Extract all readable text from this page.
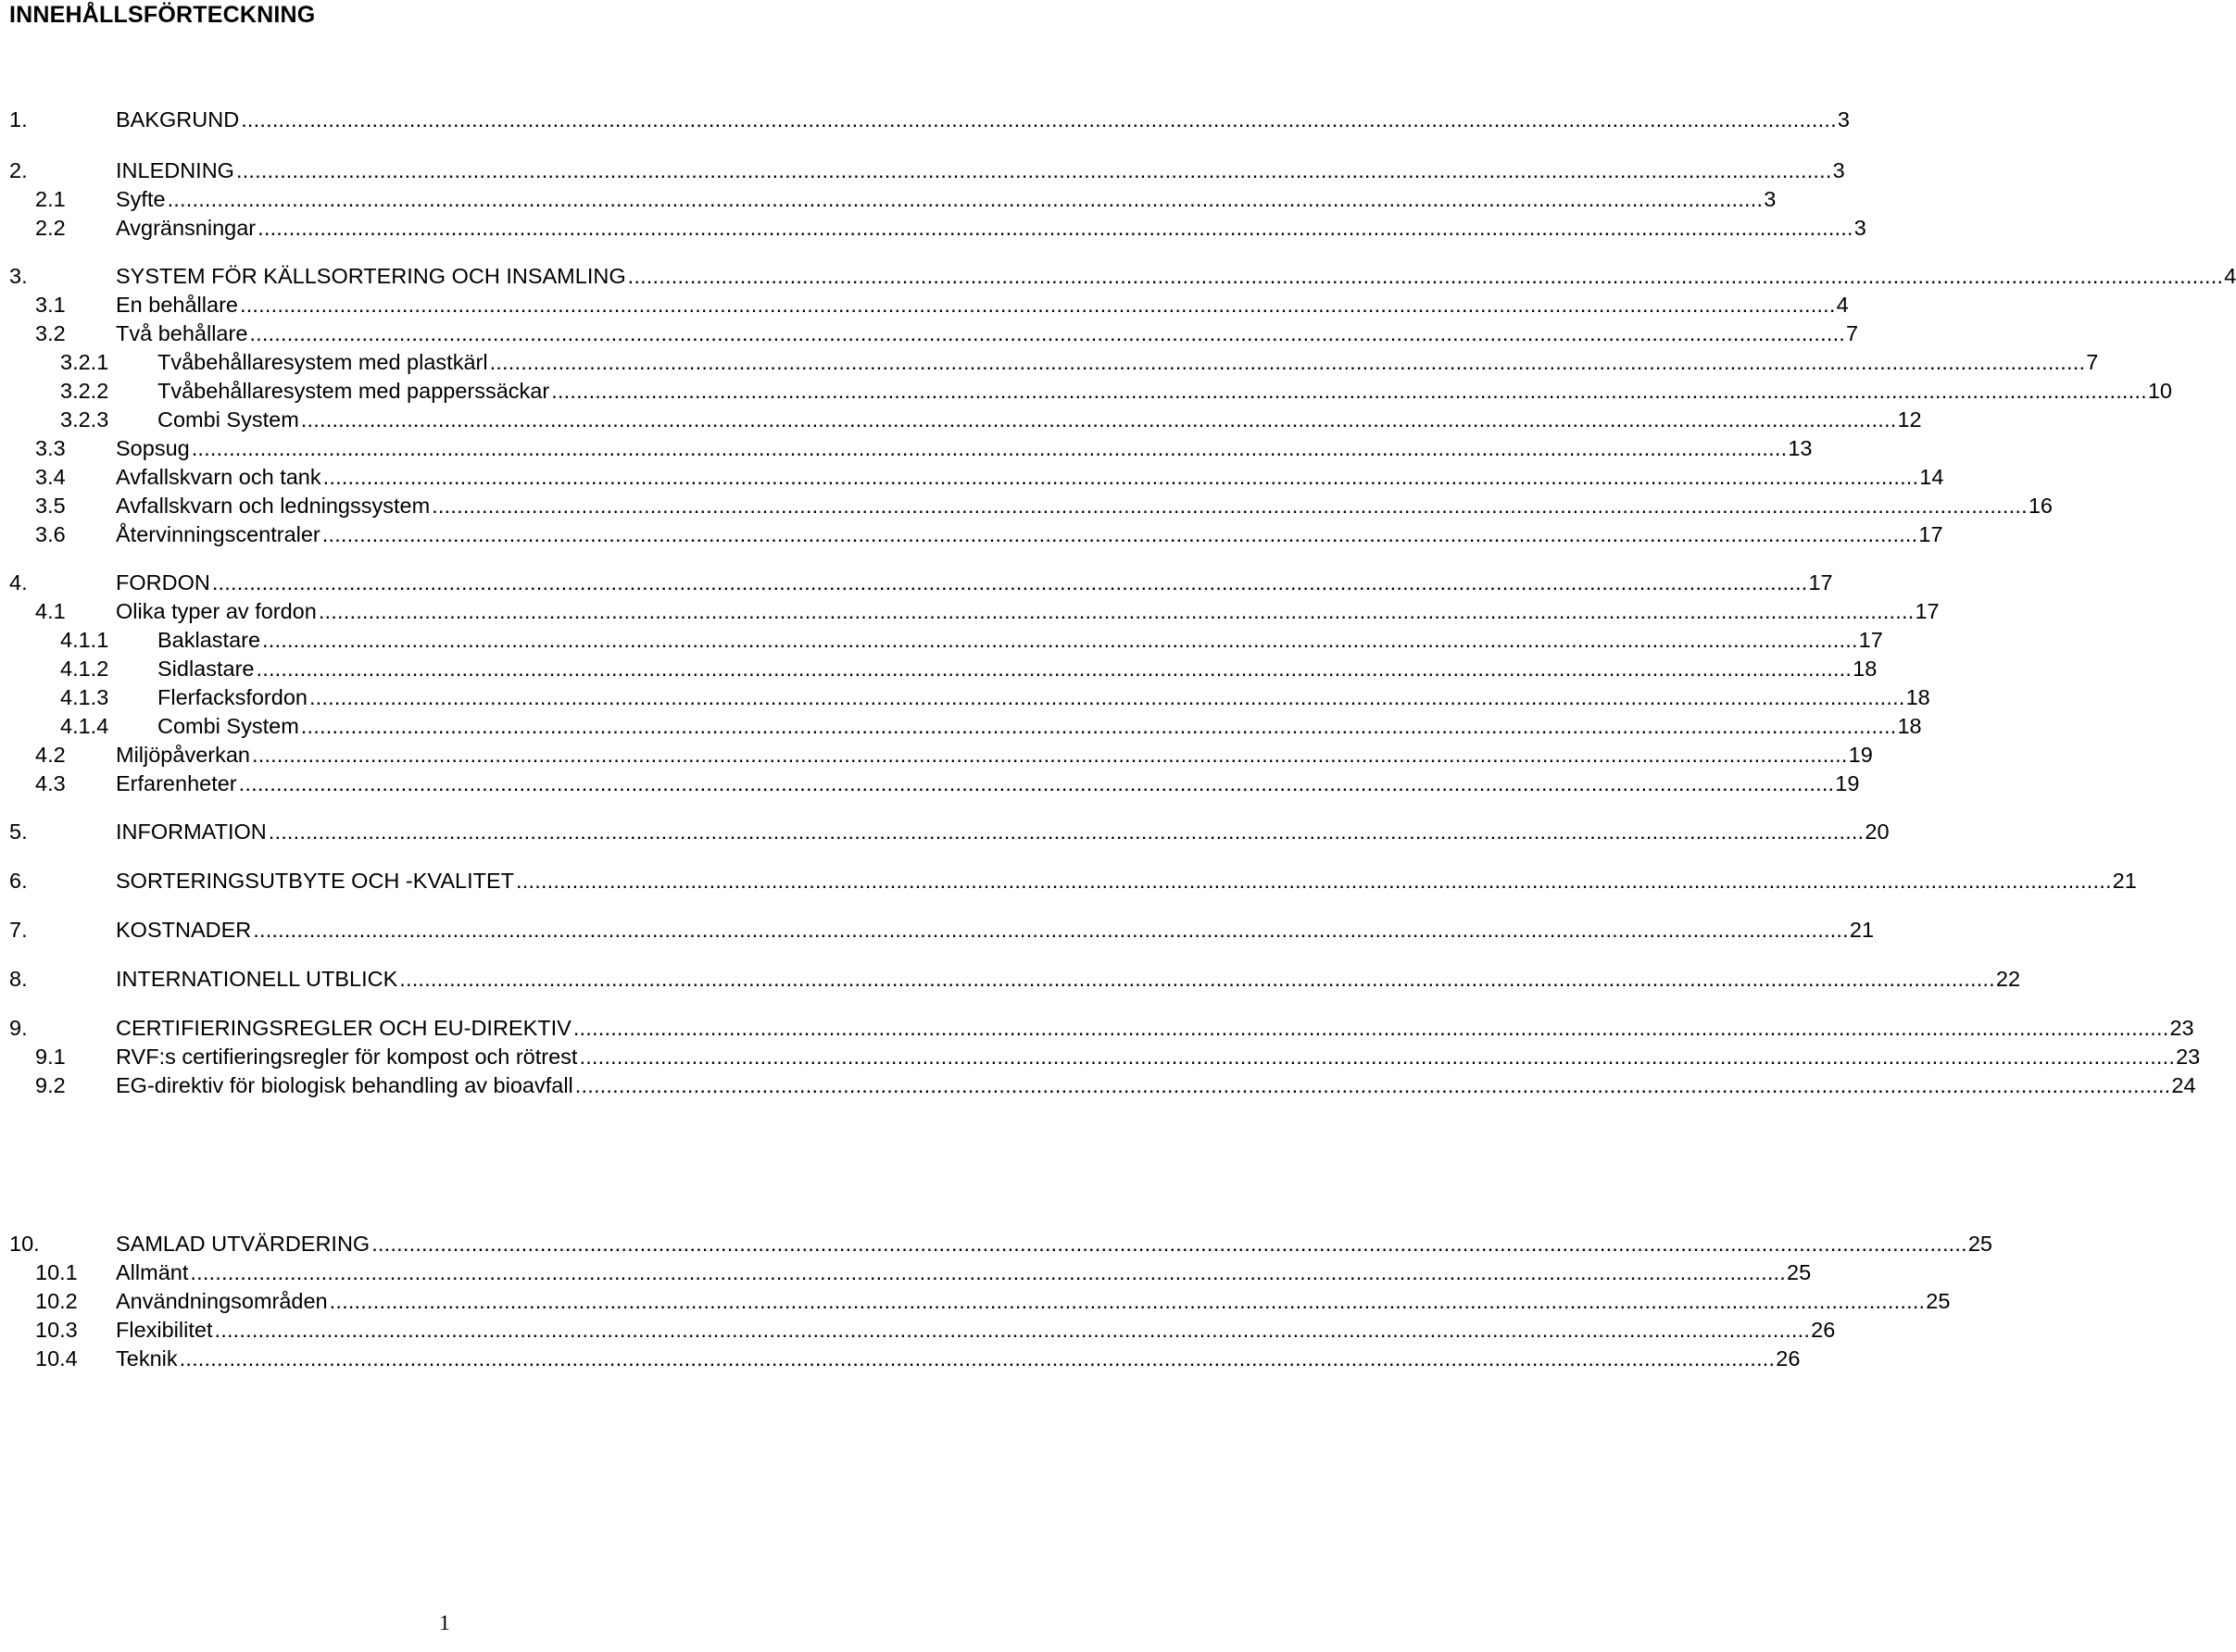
INNEHÅLLSFÖRTECKNING
1.	BAKGRUND ................................................................................................................................................................................................................................................................ 3
2.	INLEDNING ................................................................................................................................................................................................................................................................ 3
2.1 Syfte ................................................................................................................................................................................................................................................................ 3
2.2 Avgränsningar ................................................................................................................................................................................................................................................................ 3
3.	SYSTEM FÖR KÄLLSORTERING OCH INSAMLING ................................................................................................................................................................................................................................................................ 4
3.1 En behållare ................................................................................................................................................................................................................................................................ 4
3.2 Två behållare ................................................................................................................................................................................................................................................................ 7
3.2.1 Tvåbehållaresystem med plastkärl ................................................................................................................................................................................................................................................................ 7
3.2.2 Tvåbehållaresystem med papperssäckar ................................................................................................................................................................................................................................................................ 10
3.2.3 Combi System ................................................................................................................................................................................................................................................................ 12
3.3 Sopsug ................................................................................................................................................................................................................................................................ 13
3.4 Avfallskvarn och tank ................................................................................................................................................................................................................................................................ 14
3.5 Avfallskvarn och ledningssystem ................................................................................................................................................................................................................................................................ 16
3.6 Återvinningscentraler ................................................................................................................................................................................................................................................................ 17
4.	FORDON ................................................................................................................................................................................................................................................................ 17
4.1 Olika typer av fordon ................................................................................................................................................................................................................................................................ 17
4.1.1 Baklastare ................................................................................................................................................................................................................................................................ 17
4.1.2 Sidlastare ................................................................................................................................................................................................................................................................ 18
4.1.3 Flerfacksfordon ................................................................................................................................................................................................................................................................ 18
4.1.4 Combi System ................................................................................................................................................................................................................................................................ 18
4.2 Miljöpåverkan ................................................................................................................................................................................................................................................................ 19
4.3 Erfarenheter ................................................................................................................................................................................................................................................................ 19
5.	INFORMATION ................................................................................................................................................................................................................................................................ 20
6.	SORTERINGSUTBYTE OCH -KVALITET ................................................................................................................................................................................................................................................................ 21
7.	KOSTNADER ................................................................................................................................................................................................................................................................ 21
8.	INTERNATIONELL UTBLICK ................................................................................................................................................................................................................................................................ 22
9.	CERTIFIERINGSREGLER OCH EU-DIREKTIV ................................................................................................................................................................................................................................................................ 23
9.1 RVF:s certifieringsregler för kompost och rötrest ................................................................................................................................................................................................................................................................ 23
9.2 EG-direktiv för biologisk behandling av bioavfall ................................................................................................................................................................................................................................................................ 24
10.	SAMLAD UTVÄRDERING ................................................................................................................................................................................................................................................................ 25
10.1 Allmänt ................................................................................................................................................................................................................................................................ 25
10.2 Användningsområden ................................................................................................................................................................................................................................................................ 25
10.3 Flexibilitet ................................................................................................................................................................................................................................................................ 26
10.4 Teknik ................................................................................................................................................................................................................................................................ 26
1
